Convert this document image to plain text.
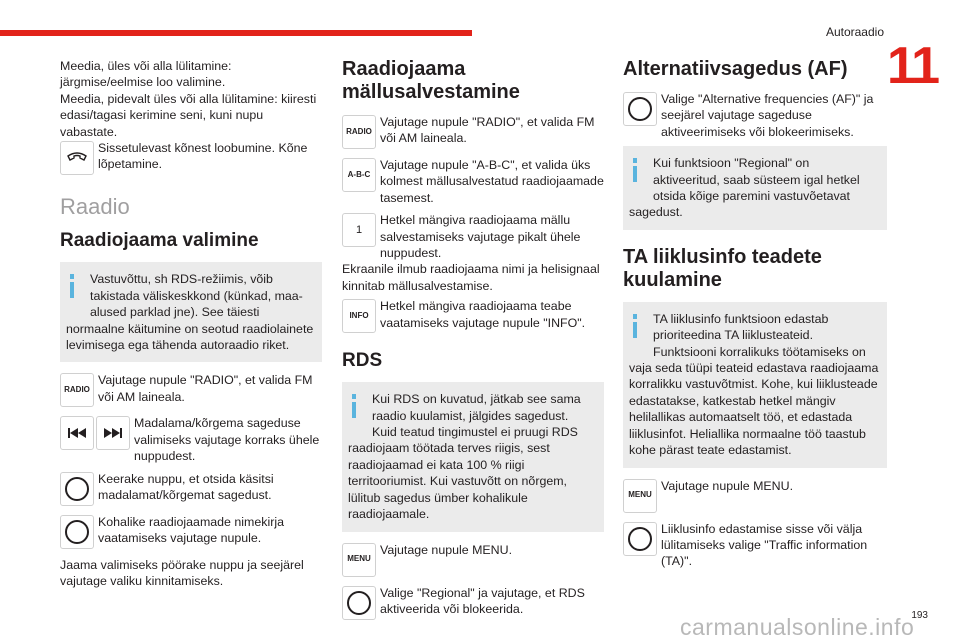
Autoraadio
11

Meedia, üles või alla lülitamine: järgmise/eelmise loo valimine.

Meedia, pidevalt üles või alla lülitamine: kiiresti edasi/tagasi kerimine seni, kuni nupu vabastate.

Sissetulevast kõnest loobumine. Kõne lõpetamine.
Raadio
Raadiojaama valimine
Vastuvõttu, sh RDS-režiimis, võib takistada väliskeskkond (künkad, maa-alused parklad jne). See täiesti normaalne käitumine on seotud raadiolainete levimisega ega tähenda autoraadio riket.
RADIO
Vajutage nupule "RADIO", et valida FM või AM laineala.
Madalama/kõrgema sageduse valimiseks vajutage korraks ühele nuppudest.
Keerake nuppu, et otsida käsitsi madalamat/kõrgemat sagedust.
Kohalike raadiojaamade nimekirja vaatamiseks vajutage nupule.

Jaama valimiseks pöörake nuppu ja seejärel vajutage valiku kinnitamiseks.

Raadiojaama mällusalvestamine
RADIO
Vajutage nupule "RADIO", et valida FM või AM laineala.
A-B-C
Vajutage nupule "A-B-C", et valida üks kolmest mällusalvestatud raadiojaamade tasemest.
1
Hetkel mängiva raadiojaama mällu salvestamiseks vajutage pikalt ühele nuppudest.

Ekraanile ilmub raadiojaama nimi ja helisignaal kinnitab mällusalvestamise.

INFO
Hetkel mängiva raadiojaama teabe vaatamiseks vajutage nupule "INFO".
RDS
Kui RDS on kuvatud, jätkab see sama raadio kuulamist, jälgides sagedust. Kuid teatud tingimustel ei pruugi RDS raadiojaam töötada terves riigis, sest raadiojaamad ei kata 100 % riigi territooriumist. Kui vastuvõtt on nõrgem, lülitub sagedus ümber kohalikule raadiojaamale.
MENU
Vajutage nupule MENU.
Valige "Regional" ja vajutage, et RDS aktiveerida või blokeerida.
Alternatiivsagedus (AF)
Valige "Alternative frequencies (AF)" ja seejärel vajutage sageduse aktiveerimiseks või blokeerimiseks.
Kui funktsioon "Regional" on aktiveeritud, saab süsteem igal hetkel otsida kõige paremini vastuvõetavat sagedust.
TA liiklusinfo teadete kuulamine
TA liiklusinfo funktsioon edastab prioriteedina TA liiklusteateid. Funktsiooni korralikuks töötamiseks on vaja seda tüüpi teateid edastava raadiojaama korralikku vastuvõtmist. Kohe, kui liiklusteade edastatakse, katkestab hetkel mängiv helilallikas automaatselt töö, et edastada liiklusinfot. Heliallika normaalne töö taastub kohe pärast teate edastamist.
MENU
Vajutage nupule MENU.
Liiklusinfo edastamise sisse või välja lülitamiseks valige "Traffic information (TA)".
193
carmanualsonline.info
